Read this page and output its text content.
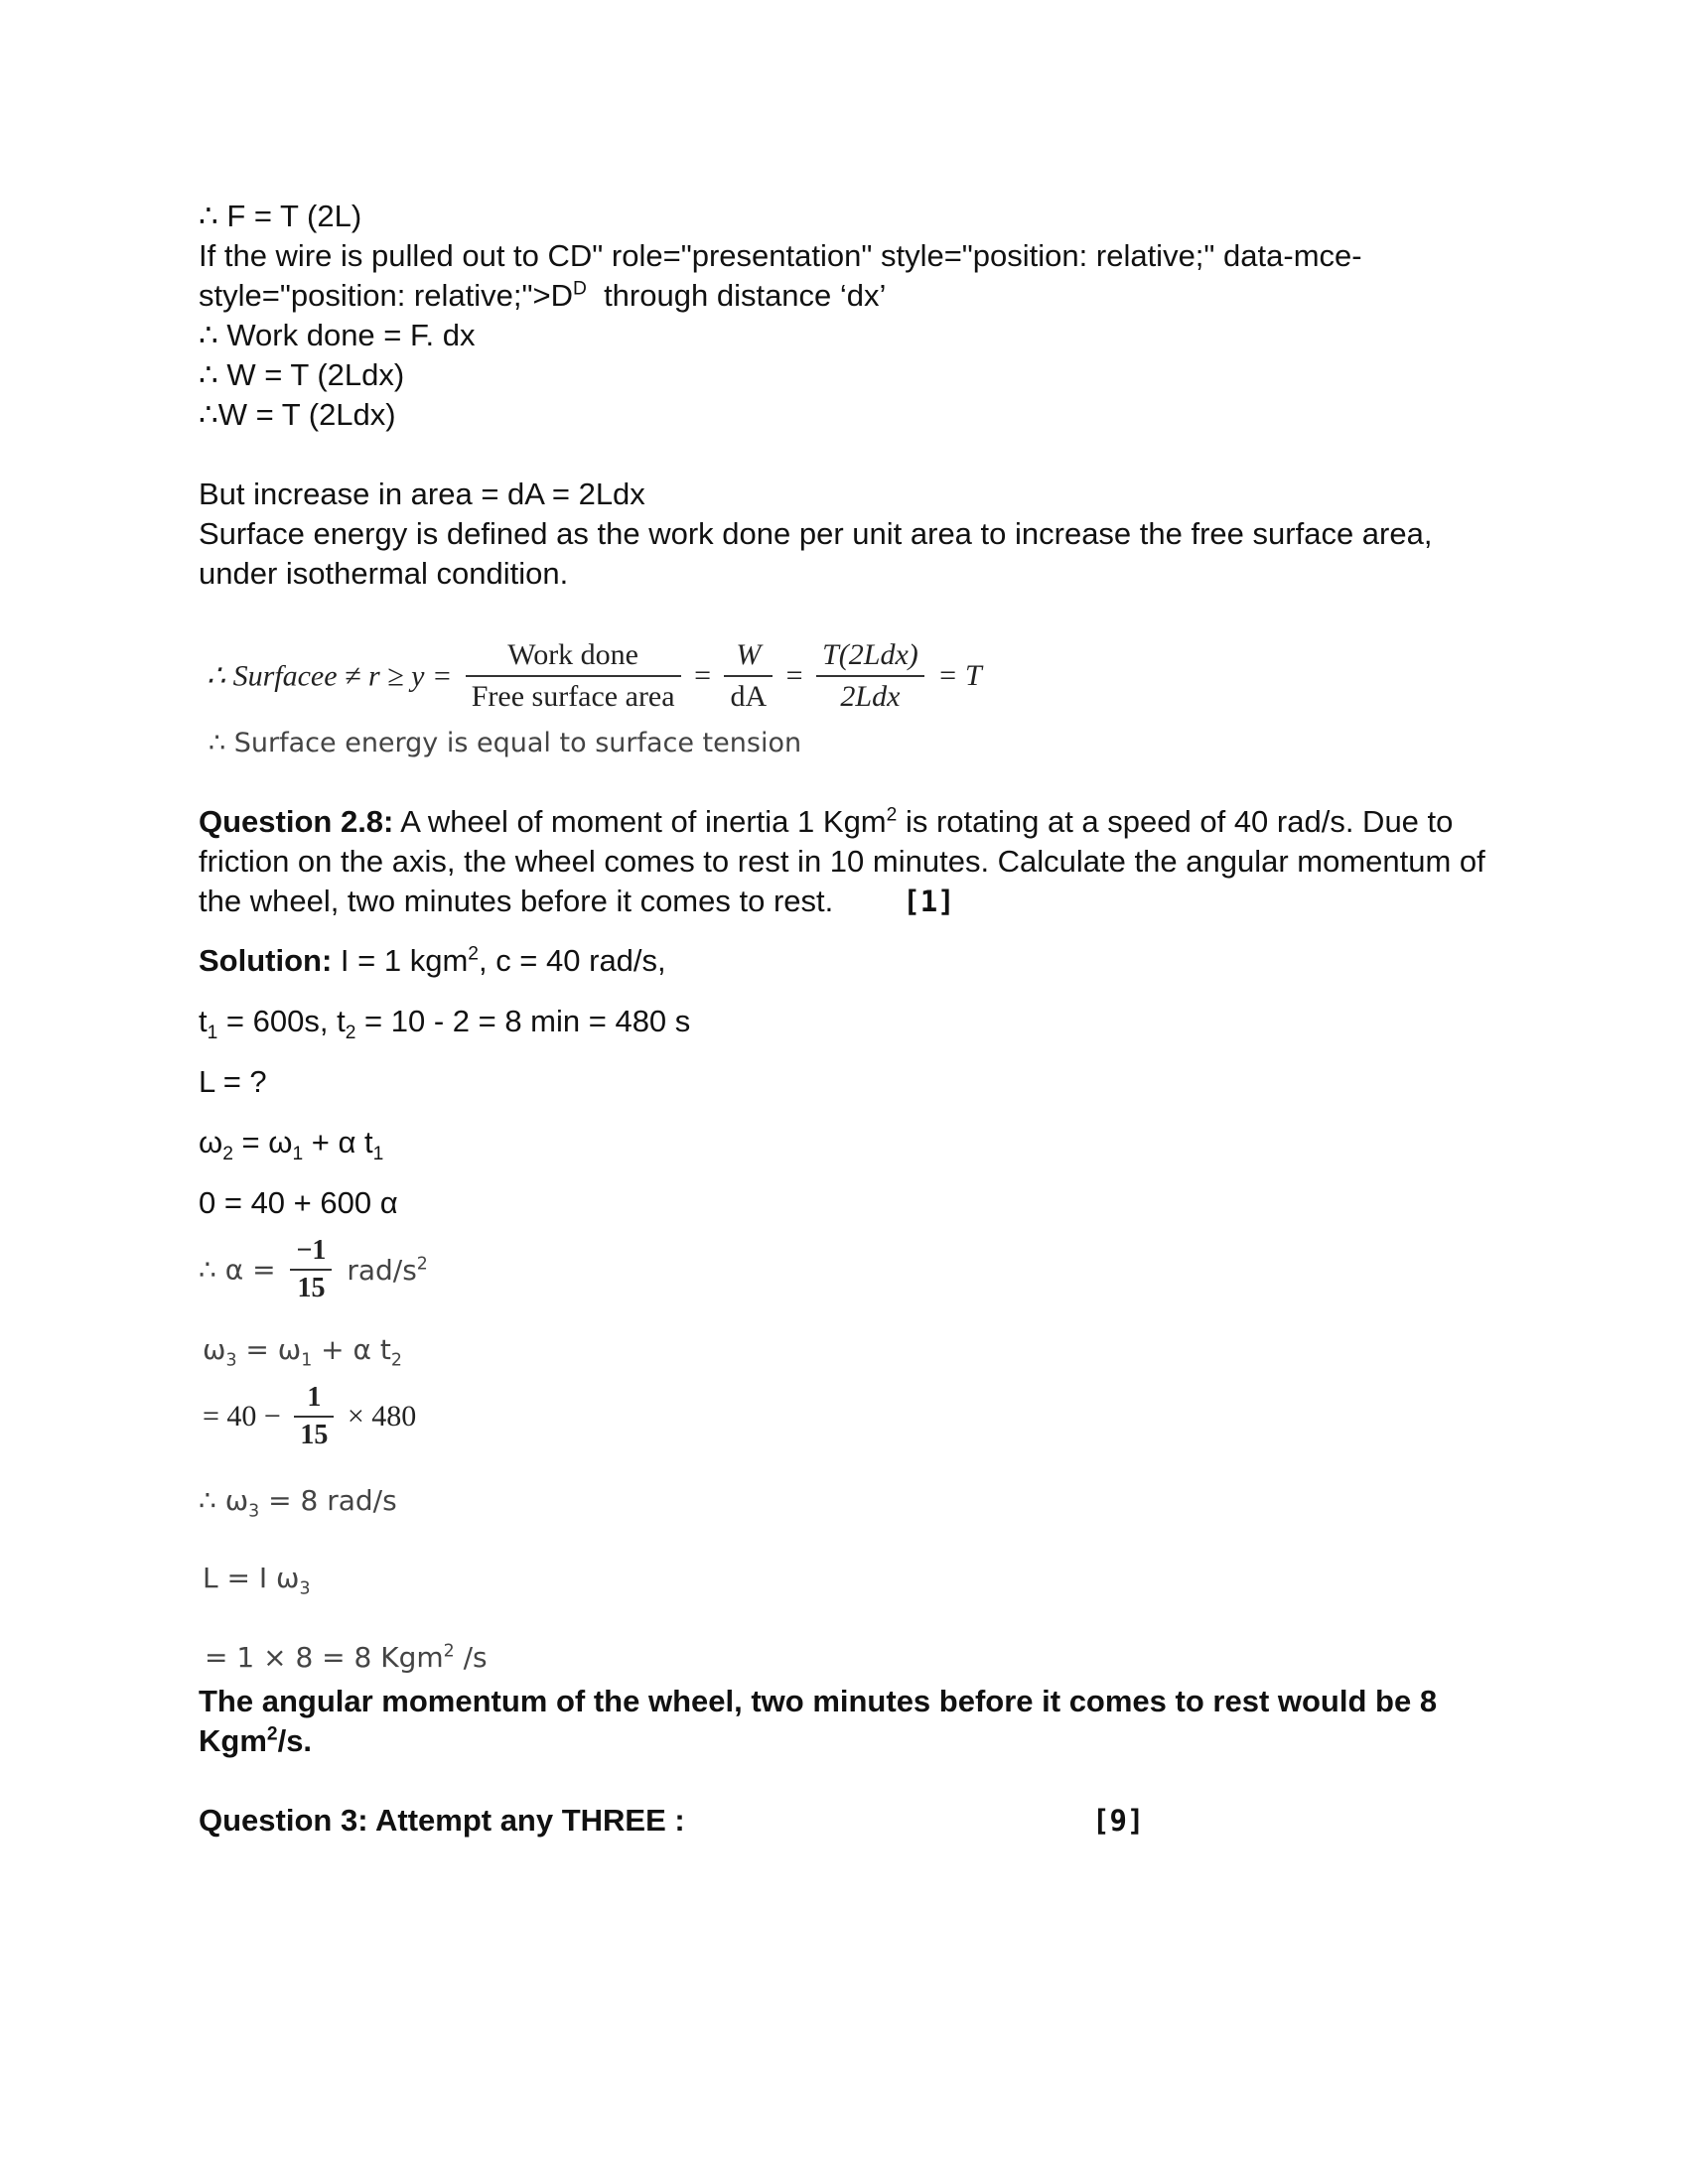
∴ F = T (2L)
If the wire is pulled out to CD" role="presentation" style="position: relative;" data-mce-
style="position: $relative;">D^D$  through distance ‘dx’
∴ Work done = F. dx
∴ W = T (2Ldx)
∴W = T (2Ldx)
But increase in area = dA = 2Ldx
Surface energy is defined as the work done per unit area to increase the free surface area, under isothermal condition.
∴ Surfacee ≠ $r \ge y = \frac{\text{Work done}}{\text{Free surface area}} = \frac{W}{dA} = \frac{\text{T(2Ldx)}}{\text{2Ldx}} = T$
∴ Surface energy is equal to surface tension
Question 2.8: A wheel of moment of inertia 1 Kgm$^2$ is rotating at a speed of 40 rad/s. Due to friction on the axis, the wheel comes to rest in 10 minutes. Calculate the angular momentum of the wheel, two minutes before it comes to rest. [1]
Solution: I = 1 kgm$^2$, c = 40 rad/s,
$t_1 = 600s$, $t_2 = 10 - 2 = 8$ min = 480 s
L = ?
$\omega_2 = \omega_1 + \alpha$ $t_1$
0 = 40 + 600 α
∴ $\alpha = \frac{-1}{15} rad/s^2$
$\omega_3 = \omega_1 + \alpha$ $t_2$
= $40 - \frac{1}{15} \times 480$
∴ $\omega_3 = 8$ rad/s
L = I $\omega_3$
= 1 × 8 = 8 Kgm$^2$ /s
The angular momentum of the wheel, two minutes before it comes to rest would be 8 Kgm$^2$/s.
Question 3: Attempt any THREE :	[9]
